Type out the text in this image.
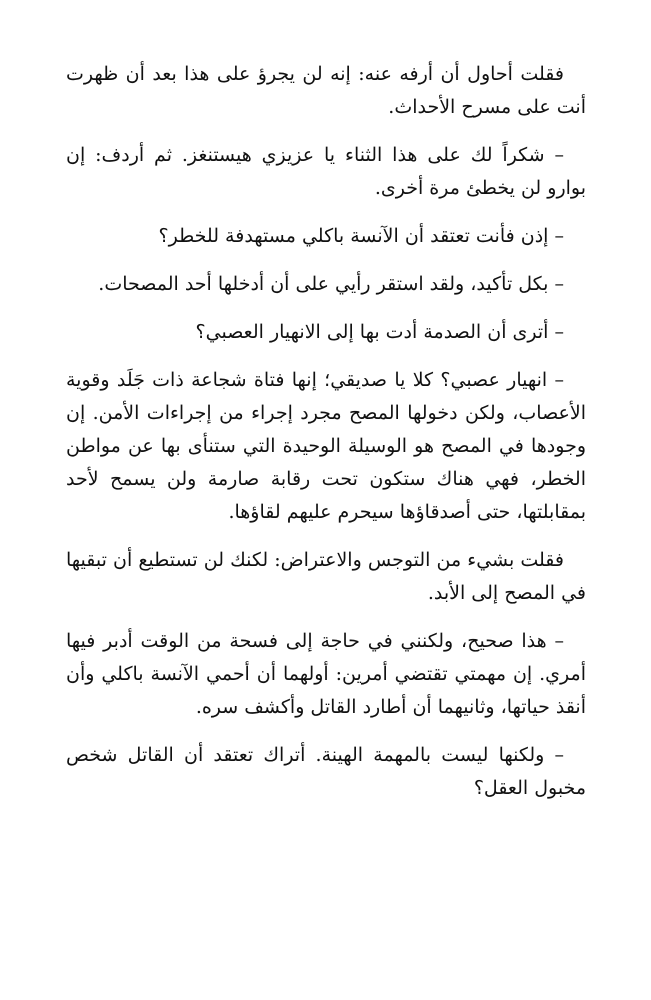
فقلت أحاول أن أرفه عنه: إنه لن يجرؤ على هذا بعد أن ظهرت أنت على مسرح الأحداث.

– شكراً لك على هذا الثناء يا عزيزي هيستنغز. ثم أردف: إن بوارو لن يخطئ مرة أخرى.

– إذن فأنت تعتقد أن الآنسة باكلي مستهدفة للخطر؟

– بكل تأكيد، ولقد استقر رأيي على أن أدخلها أحد المصحات.

– أترى أن الصدمة أدت بها إلى الانهيار العصبي؟

– انهيار عصبي؟ كلا يا صديقي؛ إنها فتاة شجاعة ذات جَلَد وقوية الأعصاب، ولكن دخولها المصح مجرد إجراء من إجراءات الأمن. إن وجودها في المصح هو الوسيلة الوحيدة التي ستنأى بها عن مواطن الخطر، فهي هناك ستكون تحت رقابة صارمة ولن يسمح لأحد بمقابلتها، حتى أصدقاؤها سيحرم عليهم لقاؤها.

فقلت بشيء من التوجس والاعتراض: لكنك لن تستطيع أن تبقيها في المصح إلى الأبد.

– هذا صحيح، ولكنني في حاجة إلى فسحة من الوقت أدبر فيها أمري. إن مهمتي تقتضي أمرين: أولهما أن أحمي الآنسة باكلي وأن أنقذ حياتها، وثانيهما أن أطارد القاتل وأكشف سره.

– ولكنها ليست بالمهمة الهينة. أتراك تعتقد أن القاتل شخص مخبول العقل؟
